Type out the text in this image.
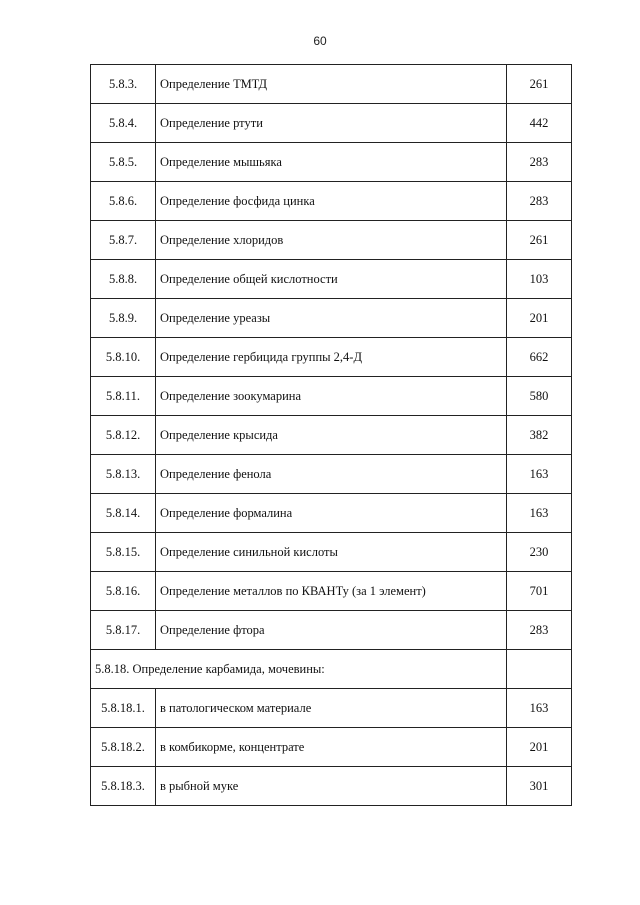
60
5.8.3.	Определение ТМТД	261
5.8.4.	Определение ртути	442
5.8.5.	Определение мышьяка	283
5.8.6.	Определение фосфида цинка	283
5.8.7.	Определение хлоридов	261
5.8.8.	Определение общей кислотности	103
5.8.9.	Определение уреазы	201
5.8.10.	Определение гербицида группы 2,4-Д	662
5.8.11.	Определение зоокумарина	580
5.8.12.	Определение крысида	382
5.8.13.	Определение фенола	163
5.8.14.	Определение формалина	163
5.8.15.	Определение синильной кислоты	230
5.8.16.	Определение металлов по КВАНТу (за 1 элемент)	701
5.8.17.	Определение фтора	283
5.8.18. Определение карбамида, мочевины:		
5.8.18.1.	в патологическом материале	163
5.8.18.2.	в комбикорме, концентрате	201
5.8.18.3.	в рыбной муке	301
